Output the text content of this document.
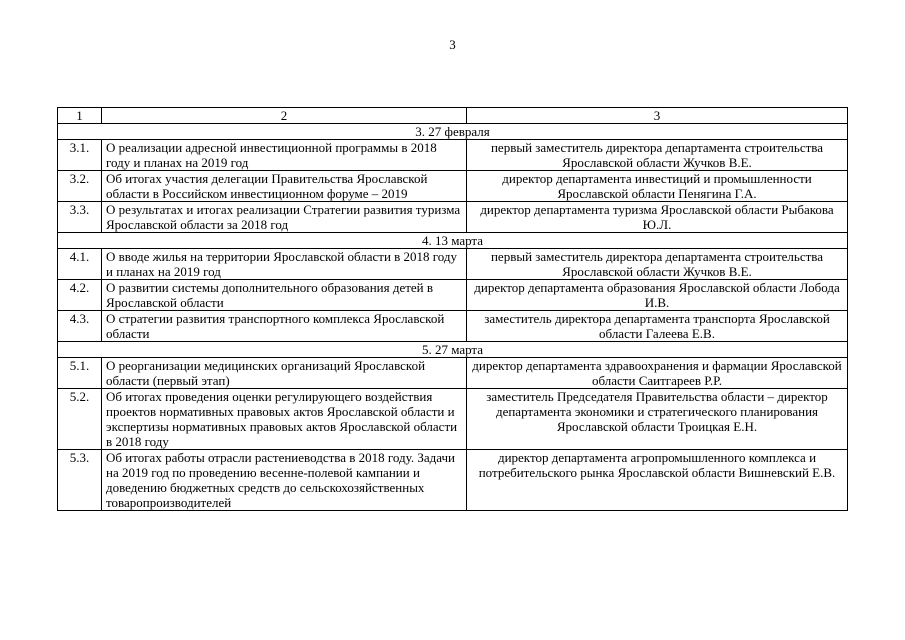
3
1	2	3
3. 27 февраля		
3.1.	О реализации адресной инвестиционной программы в 2018 году и планах на 2019 год	первый заместитель директора департамента строительства Ярославской области Жучков В.Е.
3.2.	Об итогах участия делегации Правительства Ярославской области в Российском инвестиционном форуме – 2019	директор департамента инвестиций и промышленности Ярославской области Пенягина Г.А.
3.3.	О результатах и итогах реализации Стратегии развития туризма Ярославской области за 2018 год	директор департамента туризма Ярославской области Рыбакова Ю.Л.
4. 13 марта		
4.1.	О вводе жилья на территории Ярославской области в 2018 году и планах на 2019 год	первый заместитель директора департамента строительства Ярославской области Жучков В.Е.
4.2.	О развитии системы дополнительного образования детей в Ярославской области	директор департамента образования Ярославской области Лобода И.В.
4.3.	О стратегии развития транспортного комплекса Ярославской области	заместитель директора департамента транспорта Ярославской области Галеева Е.В.
5. 27 марта		
5.1.	О реорганизации медицинских организаций Ярославской области (первый этап)	директор департамента здравоохранения и фармации Ярославской области Саитгареев Р.Р.
5.2.	Об итогах проведения оценки регулирующего воздействия проектов нормативных правовых актов Ярославской области и экспертизы нормативных правовых актов Ярославской области в 2018 году	заместитель Председателя Правительства области – директор департамента экономики и стратегического планирования Ярославской области Троицкая Е.Н.
5.3.	Об итогах работы отрасли растениеводства в 2018 году. Задачи на 2019 год по проведению весенне-полевой кампании и доведению бюджетных средств до сельскохозяйственных товаропроизводителей	директор департамента агропромышленного комплекса и потребительского рынка Ярославской области Вишневский Е.В.
